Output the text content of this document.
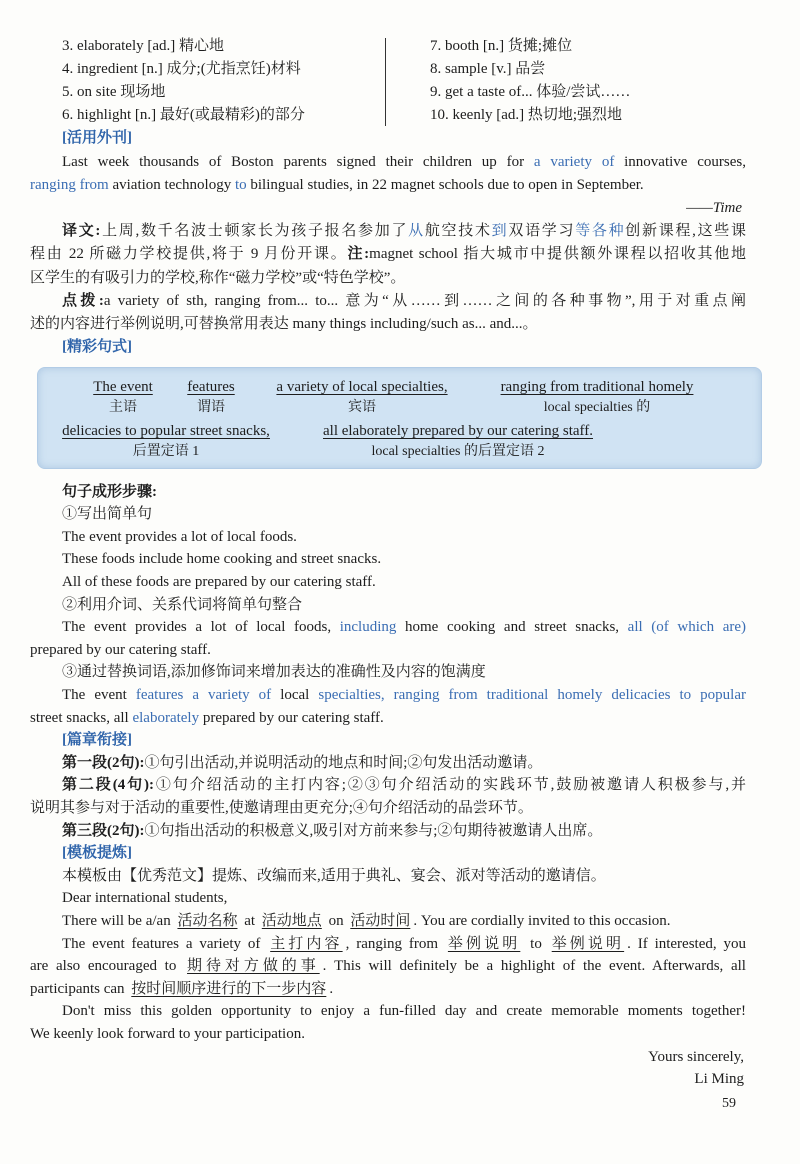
3. elaborately [ad.] 精心地
4. ingredient [n.] 成分;(尤指烹饪)材料
5. on site 现场地
6. highlight [n.] 最好(或最精彩)的部分
7. booth [n.] 货摊;摊位
8. sample [v.] 品尝
9. get a taste of... 体验/尝试……
10. keenly [ad.] 热切地;强烈地
[活用外刊]
Last week thousands of Boston parents signed their children up for a variety of innovative courses,
ranging from aviation technology to bilingual studies, in 22 magnet schools due to open in September.
——Time
译文:上周,数千名波士顿家长为孩子报名参加了从航空技术到双语学习等各种创新课程,这些课
程由 22 所磁力学校提供,将于 9 月份开课。注:magnet school 指大城市中提供额外课程以招收其他地
区学生的有吸引力的学校,称作“磁力学校”或“特色学校”。
点拨:a variety of sth, ranging from... to... 意为“从……到……之间的各种事物”,用于对重点阐
述的内容进行举例说明,可替换常用表达 many things including/such as... and...。
[精彩句式]
The event
主语
features
谓语
a variety of local specialties,
宾语
ranging from traditional homely
local specialties 的
delicacies to popular street snacks,
后置定语 1
all elaborately prepared by our catering staff.
local specialties 的后置定语 2
句子成形步骤:
①写出简单句
The event provides a lot of local foods.
These foods include home cooking and street snacks.
All of these foods are prepared by our catering staff.
②利用介词、关系代词将简单句整合
The event provides a lot of local foods, including home cooking and street snacks, all (of which are)
prepared by our catering staff.
③通过替换词语,添加修饰词来增加表达的准确性及内容的饱满度
The event features a variety of local specialties, ranging from traditional homely delicacies to popular
street snacks, all elaborately prepared by our catering staff.
[篇章衔接]
第一段(2句):①句引出活动,并说明活动的地点和时间;②句发出活动邀请。
第二段(4句):①句介绍活动的主打内容;②③句介绍活动的实践环节,鼓励被邀请人积极参与,并
说明其参与对于活动的重要性,使邀请理由更充分;④句介绍活动的品尝环节。
第三段(2句):①句指出活动的积极意义,吸引对方前来参与;②句期待被邀请人出席。
[模板提炼]
本模板由【优秀范文】提炼、改编而来,适用于典礼、宴会、派对等活动的邀请信。
Dear international students,
There will be a/an 活动名称 at 活动地点 on 活动时间 . You are cordially invited to this occasion.
The event features a variety of 主打内容 , ranging from 举例说明 to 举例说明 . If interested, you
are also encouraged to 期待对方做的事 . This will definitely be a highlight of the event. Afterwards, all
participants can 按时间顺序进行的下一步内容 .
Don't miss this golden opportunity to enjoy a fun-filled day and create memorable moments together!
We keenly look forward to your participation.
Yours sincerely,
Li Ming
59
